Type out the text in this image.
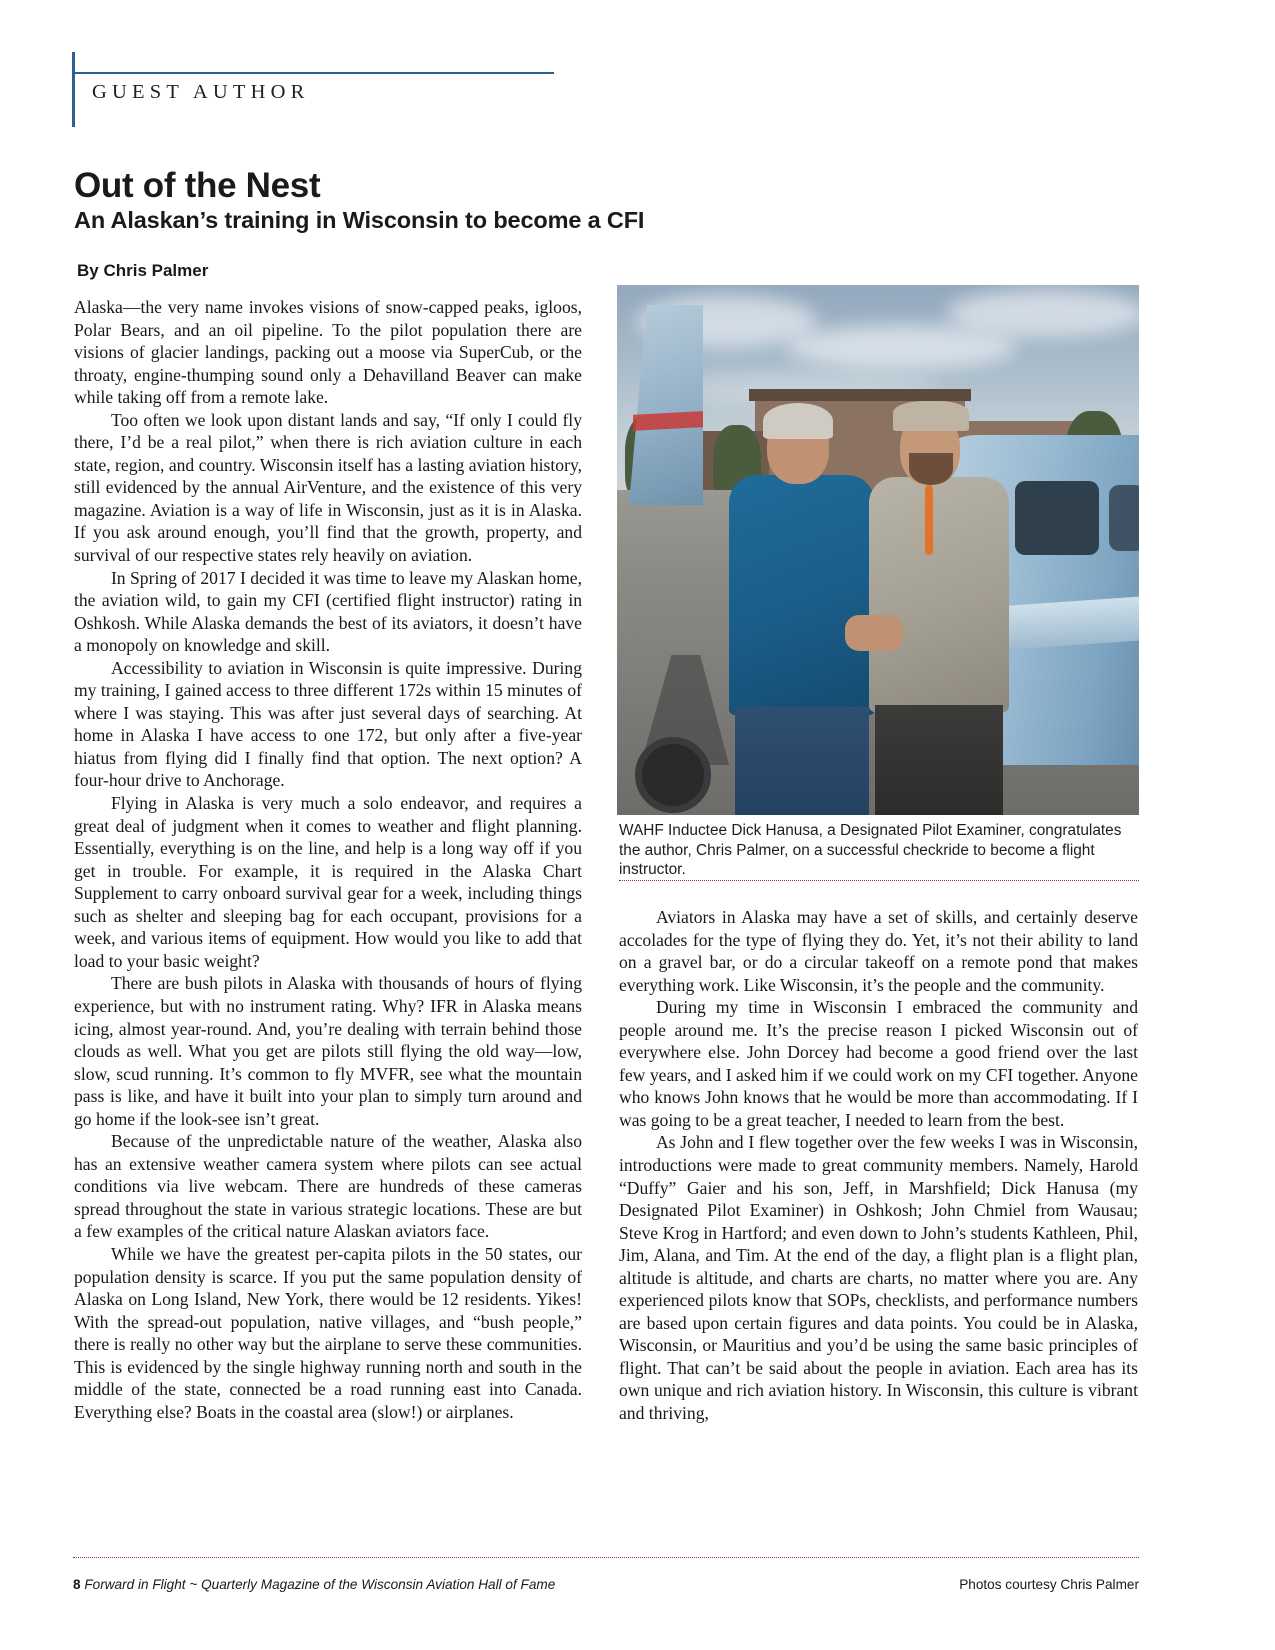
GUEST AUTHOR
Out of the Nest
An Alaskan’s training in Wisconsin to become a CFI
By Chris Palmer

Alaska—the very name invokes visions of snow-capped peaks, igloos, Polar Bears, and an oil pipeline. To the pilot population there are visions of glacier landings, packing out a moose via SuperCub, or the throaty, engine-thumping sound only a Dehavilland Beaver can make while taking off from a remote lake.

Too often we look upon distant lands and say, “If only I could fly there, I’d be a real pilot,” when there is rich aviation culture in each state, region, and country. Wisconsin itself has a lasting aviation history, still evidenced by the annual AirVenture, and the existence of this very magazine. Aviation is a way of life in Wisconsin, just as it is in Alaska. If you ask around enough, you’ll find that the growth, property, and survival of our respective states rely heavily on aviation.

In Spring of 2017 I decided it was time to leave my Alaskan home, the aviation wild, to gain my CFI (certified flight instructor) rating in Oshkosh. While Alaska demands the best of its aviators, it doesn’t have a monopoly on knowledge and skill.

Accessibility to aviation in Wisconsin is quite impressive. During my training, I gained access to three different 172s within 15 minutes of where I was staying. This was after just several days of searching. At home in Alaska I have access to one 172, but only after a five-year hiatus from flying did I finally find that option. The next option? A four-hour drive to Anchorage.

Flying in Alaska is very much a solo endeavor, and requires a great deal of judgment when it comes to weather and flight planning. Essentially, everything is on the line, and help is a long way off if you get in trouble. For example, it is required in the Alaska Chart Supplement to carry onboard survival gear for a week, including things such as shelter and sleeping bag for each occupant, provisions for a week, and various items of equipment. How would you like to add that load to your basic weight?

There are bush pilots in Alaska with thousands of hours of flying experience, but with no instrument rating. Why? IFR in Alaska means icing, almost year-round. And, you’re dealing with terrain behind those clouds as well. What you get are pilots still flying the old way—low, slow, scud running. It’s common to fly MVFR, see what the mountain pass is like, and have it built into your plan to simply turn around and go home if the look-see isn’t great.

Because of the unpredictable nature of the weather, Alaska also has an extensive weather camera system where pilots can see actual conditions via live webcam. There are hundreds of these cameras spread throughout the state in various strategic locations. These are but a few examples of the critical nature Alaskan aviators face.

While we have the greatest per-capita pilots in the 50 states, our population density is scarce. If you put the same population density of Alaska on Long Island, New York, there would be 12 residents. Yikes! With the spread-out population, native villages, and “bush people,” there is really no other way but the airplane to serve these communities. This is evidenced by the single highway running north and south in the middle of the state, connected be a road running east into Canada. Everything else? Boats in the coastal area (slow!) or airplanes.

WAHF Inductee Dick Hanusa, a Designated Pilot Examiner, congratulates the author, Chris Palmer, on a successful checkride to become a flight instructor.

Aviators in Alaska may have a set of skills, and certainly deserve accolades for the type of flying they do. Yet, it’s not their ability to land on a gravel bar, or do a circular takeoff on a remote pond that makes everything work. Like Wisconsin, it’s the people and the community.

During my time in Wisconsin I embraced the community and people around me. It’s the precise reason I picked Wisconsin out of everywhere else. John Dorcey had become a good friend over the last few years, and I asked him if we could work on my CFI together. Anyone who knows John knows that he would be more than accommodating. If I was going to be a great teacher, I needed to learn from the best.

As John and I flew together over the few weeks I was in Wisconsin, introductions were made to great community members. Namely, Harold “Duffy” Gaier and his son, Jeff, in Marshfield; Dick Hanusa (my Designated Pilot Examiner) in Oshkosh; John Chmiel from Wausau; Steve Krog in Hartford; and even down to John’s students Kathleen, Phil, Jim, Alana, and Tim. At the end of the day, a flight plan is a flight plan, altitude is altitude, and charts are charts, no matter where you are. Any experienced pilots know that SOPs, checklists, and performance numbers are based upon certain figures and data points. You could be in Alaska, Wisconsin, or Mauritius and you’d be using the same basic principles of flight. That can’t be said about the people in aviation. Each area has its own unique and rich aviation history. In Wisconsin, this culture is vibrant and thriving,

8 Forward in Flight ~ Quarterly Magazine of the Wisconsin Aviation Hall of Fame	Photos courtesy Chris Palmer
